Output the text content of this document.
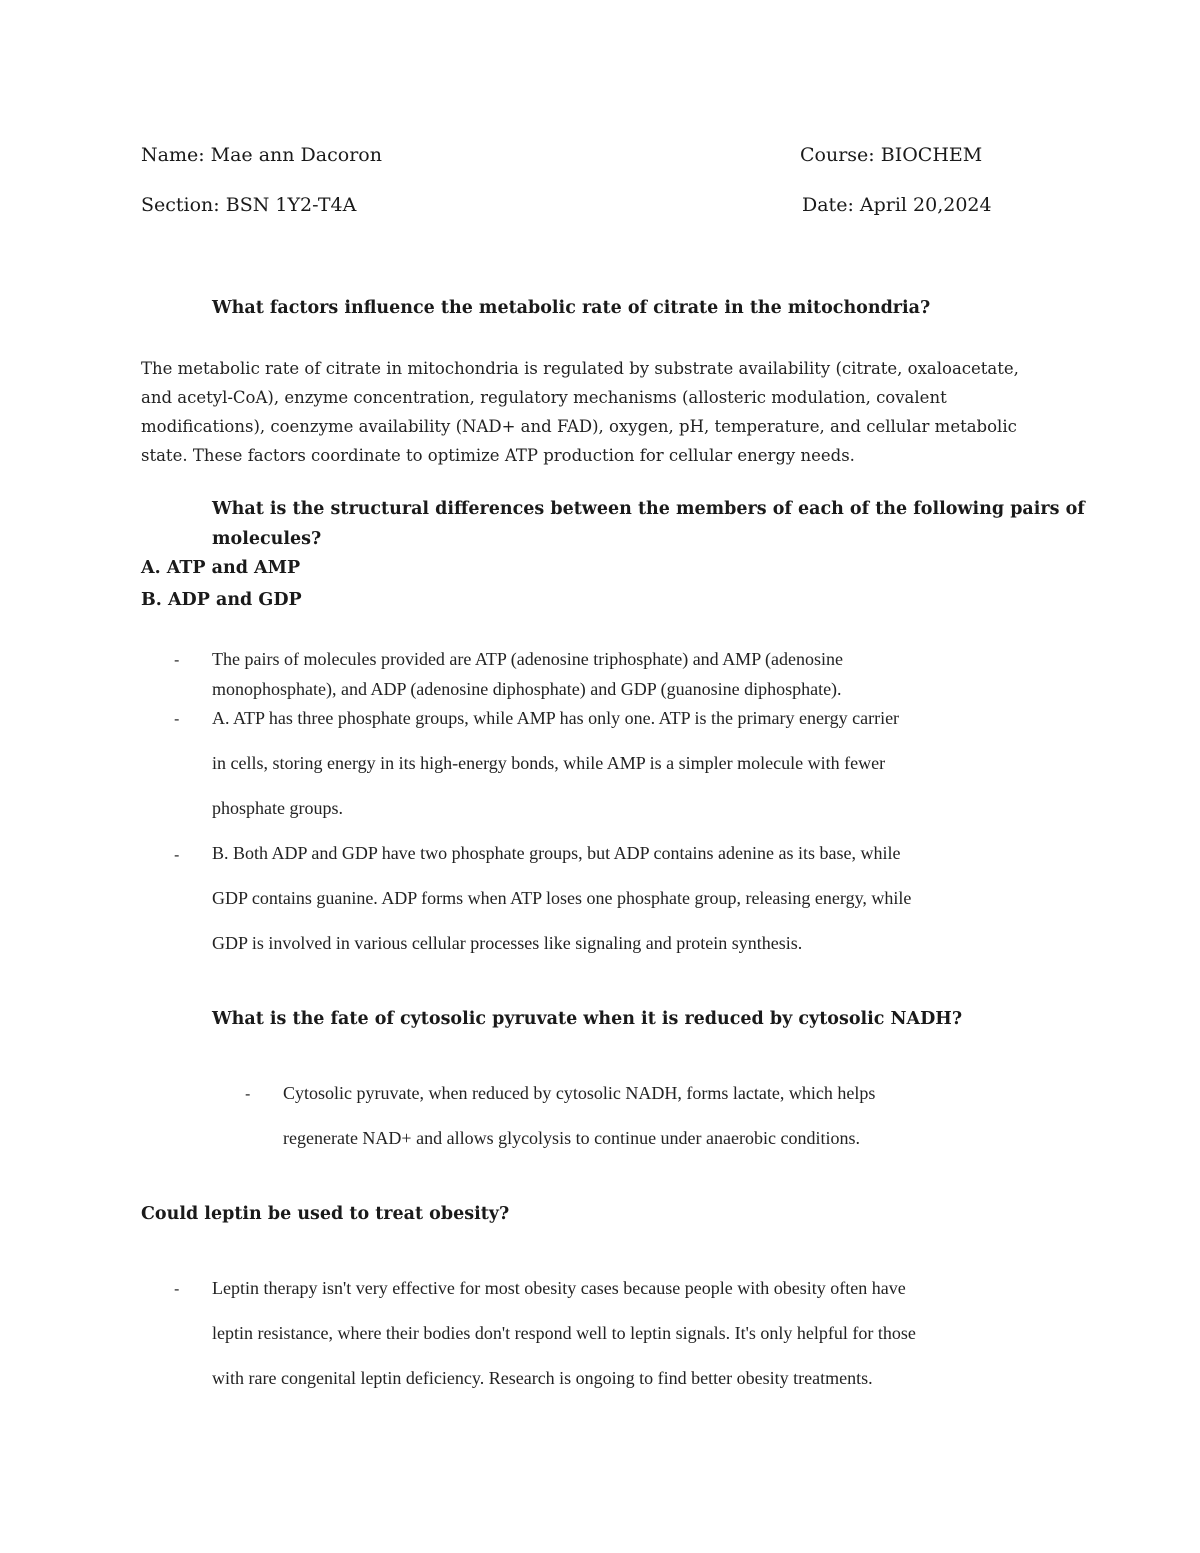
Name: Mae ann Dacoron	Course: BIOCHEM
Section: BSN 1Y2-T4A	Date: April 20,2024
What factors influence the metabolic rate of citrate in the mitochondria?
The metabolic rate of citrate in mitochondria is regulated by substrate availability (citrate, oxaloacetate,
and acetyl-CoA), enzyme concentration, regulatory mechanisms (allosteric modulation, covalent
modifications), coenzyme availability (NAD+ and FAD), oxygen, pH, temperature, and cellular metabolic
state. These factors coordinate to optimize ATP production for cellular energy needs.
What is the structural differences between the members of each of the following pairs of
molecules?
A. ATP and AMP
B. ADP and GDP
- The pairs of molecules provided are ATP (adenosine triphosphate) and AMP (adenosine
monophosphate), and ADP (adenosine diphosphate) and GDP (guanosine diphosphate).
- A. ATP has three phosphate groups, while AMP has only one. ATP is the primary energy carrier
in cells, storing energy in its high-energy bonds, while AMP is a simpler molecule with fewer
phosphate groups.
- B. Both ADP and GDP have two phosphate groups, but ADP contains adenine as its base, while
GDP contains guanine. ADP forms when ATP loses one phosphate group, releasing energy, while
GDP is involved in various cellular processes like signaling and protein synthesis.
What is the fate of cytosolic pyruvate when it is reduced by cytosolic NADH?
- Cytosolic pyruvate, when reduced by cytosolic NADH, forms lactate, which helps
regenerate NAD+ and allows glycolysis to continue under anaerobic conditions.
Could leptin be used to treat obesity?
- Leptin therapy isn't very effective for most obesity cases because people with obesity often have
leptin resistance, where their bodies don't respond well to leptin signals. It's only helpful for those
with rare congenital leptin deficiency. Research is ongoing to find better obesity treatments.
